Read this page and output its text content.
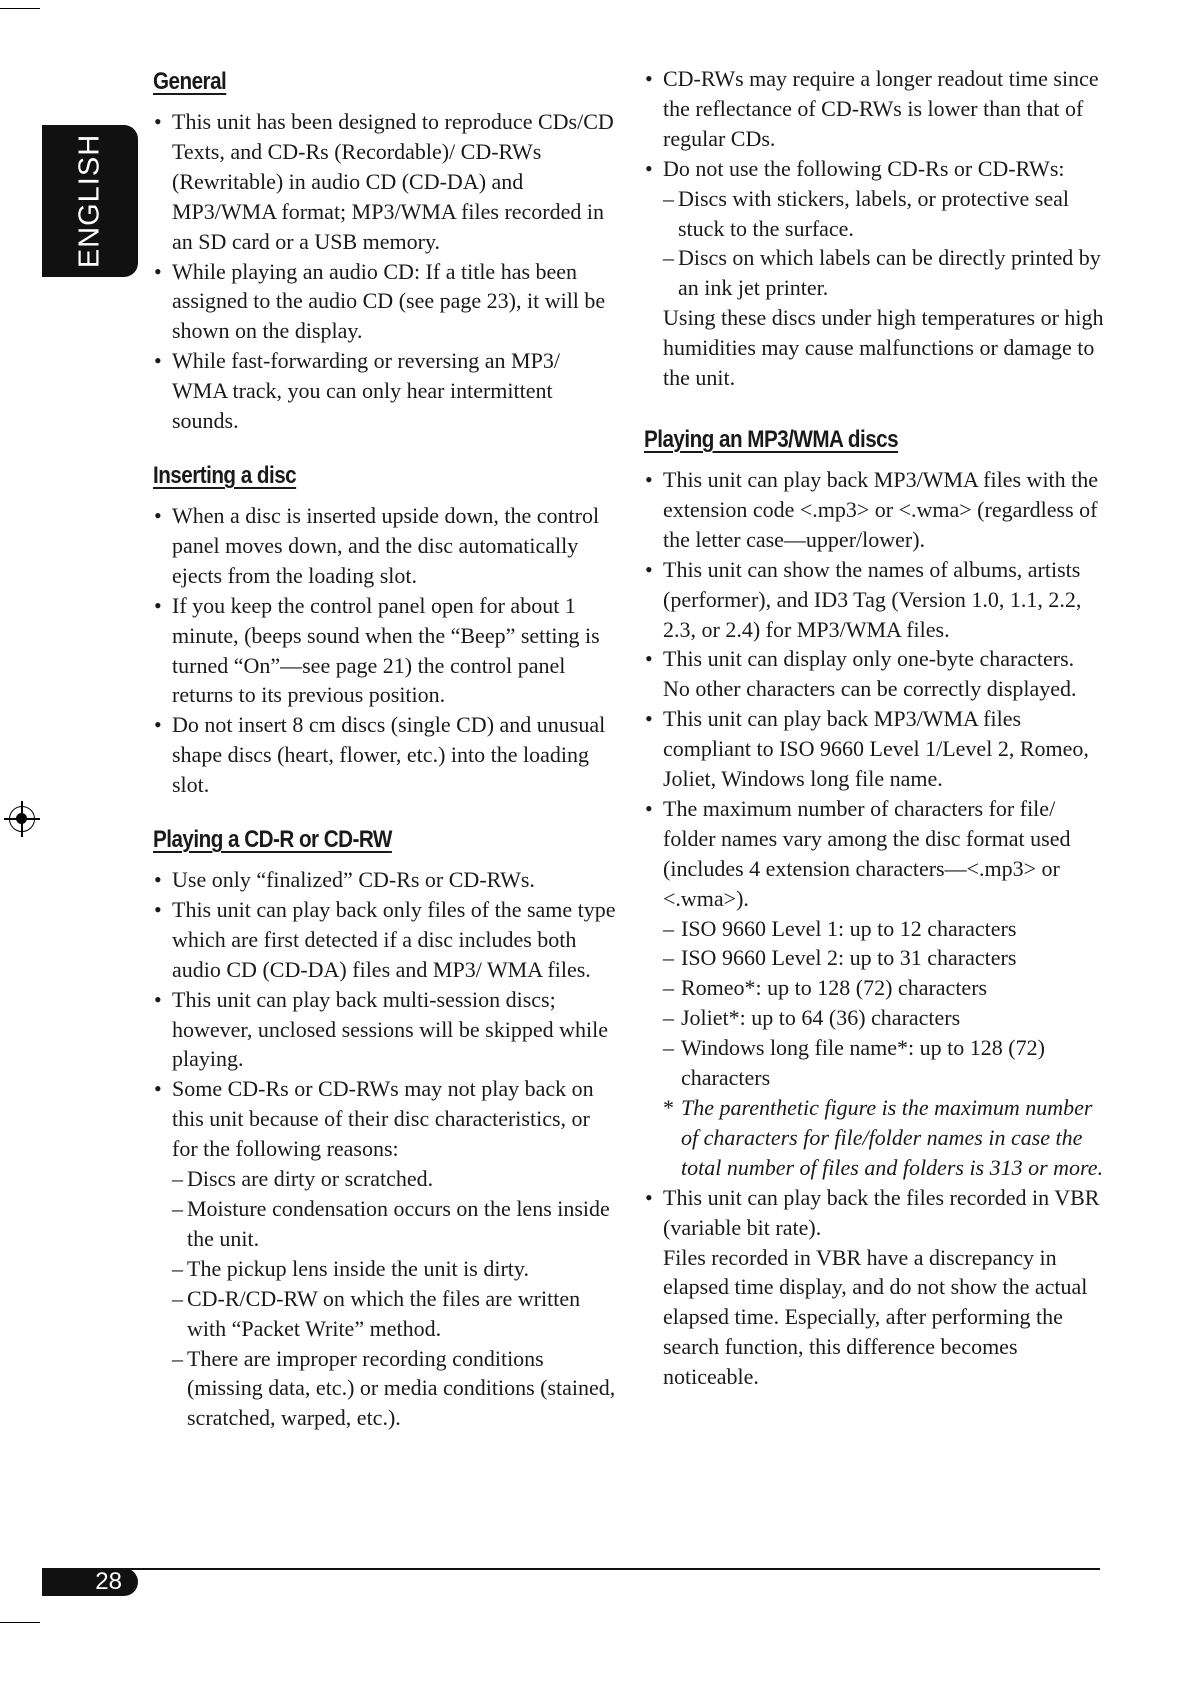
ENGLISH
General
• This unit has been designed to reproduce CDs/CD Texts, and CD-Rs (Recordable)/ CD-RWs (Rewritable) in audio CD (CD-DA) and MP3/WMA format; MP3/WMA files recorded in an SD card or a USB memory.
• While playing an audio CD: If a title has been assigned to the audio CD (see page 23), it will be shown on the display.
• While fast-forwarding or reversing an MP3/ WMA track, you can only hear intermittent sounds.
Inserting a disc
• When a disc is inserted upside down, the control panel moves down, and the disc automatically ejects from the loading slot.
• If you keep the control panel open for about 1 minute, (beeps sound when the “Beep” setting is turned “On”—see page 21) the control panel returns to its previous position.
• Do not insert 8 cm discs (single CD) and unusual shape discs (heart, flower, etc.) into the loading slot.
Playing a CD-R or CD-RW
• Use only “finalized” CD-Rs or CD-RWs.
• This unit can play back only files of the same type which are first detected if a disc includes both audio CD (CD-DA) files and MP3/ WMA files.
• This unit can play back multi-session discs; however, unclosed sessions will be skipped while playing.
• Some CD-Rs or CD-RWs may not play back on this unit because of their disc characteristics, or for the following reasons:
– Discs are dirty or scratched.
– Moisture condensation occurs on the lens inside the unit.
– The pickup lens inside the unit is dirty.
– CD-R/CD-RW on which the files are written with “Packet Write” method.
– There are improper recording conditions (missing data, etc.) or media conditions (stained, scratched, warped, etc.).
• CD-RWs may require a longer readout time since the reflectance of CD-RWs is lower than that of regular CDs.
• Do not use the following CD-Rs or CD-RWs:
– Discs with stickers, labels, or protective seal stuck to the surface.
– Discs on which labels can be directly printed by an ink jet printer.
Using these discs under high temperatures or high humidities may cause malfunctions or damage to the unit.
Playing an MP3/WMA discs
• This unit can play back MP3/WMA files with the extension code <.mp3> or <.wma> (regardless of the letter case—upper/lower).
• This unit can show the names of albums, artists (performer), and ID3 Tag (Version 1.0, 1.1, 2.2, 2.3, or 2.4) for MP3/WMA files.
• This unit can display only one-byte characters. No other characters can be correctly displayed.
• This unit can play back MP3/WMA files compliant to ISO 9660 Level 1/Level 2, Romeo, Joliet, Windows long file name.
• The maximum number of characters for file/ folder names vary among the disc format used (includes 4 extension characters—<.mp3> or <.wma>).
– ISO 9660 Level 1: up to 12 characters
– ISO 9660 Level 2: up to 31 characters
– Romeo*: up to 128 (72) characters
– Joliet*: up to 64 (36) characters
– Windows long file name*: up to 128 (72) characters
* The parenthetic figure is the maximum number of characters for file/folder names in case the total number of files and folders is 313 or more.
• This unit can play back the files recorded in VBR (variable bit rate).
Files recorded in VBR have a discrepancy in elapsed time display, and do not show the actual elapsed time. Especially, after performing the search function, this difference becomes noticeable.
28
